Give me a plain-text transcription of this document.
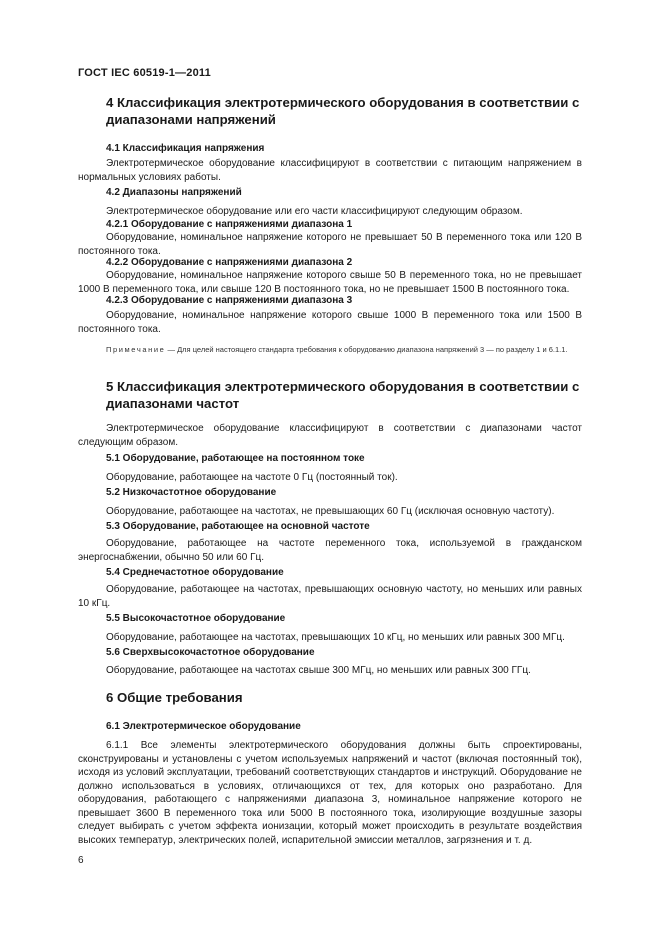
ГОСТ IEC 60519-1—2011
4 Классификация электротермического оборудования в соответствии с диапазонами напряжений
4.1 Классификация напряжения

Электротермическое оборудование классифицируют в соответствии с питающим напряжением в нормальных условиях работы.

4.2 Диапазоны напряжений

Электротермическое оборудование или его части классифицируют следующим образом.

4.2.1 Оборудование с напряжениями диапазона 1

Оборудование, номинальное напряжение которого не превышает 50 В переменного тока или 120 В постоянного тока.

4.2.2 Оборудование с напряжениями диапазона 2

Оборудование, номинальное напряжение которого свыше 50 В переменного тока, но не превышает 1000 В переменного тока, или свыше 120 В постоянного тока, но не превышает 1500 В постоянного тока.

4.2.3 Оборудование с напряжениями диапазона 3

Оборудование, номинальное напряжение которого свыше 1000 В переменного тока или 1500 В постоянного тока.

Примечание — Для целей настоящего стандарта требования к оборудованию диапазона напряжений 3 — по разделу 1 и 6.1.1.

5 Классификация электротермического оборудования в соответствии с диапазонами частот

Электротермическое оборудование классифицируют в соответствии с диапазонами частот следующим образом.

5.1 Оборудование, работающее на постоянном токе

Оборудование, работающее на частоте 0 Гц (постоянный ток).

5.2 Низкочастотное оборудование

Оборудование, работающее на частотах, не превышающих 60 Гц (исключая основную частоту).

5.3 Оборудование, работающее на основной частоте

Оборудование, работающее на частоте переменного тока, используемой в гражданском энергоснабжении, обычно 50 или 60 Гц.

5.4 Среднечастотное оборудование

Оборудование, работающее на частотах, превышающих основную частоту, но меньших или равных 10 кГц.

5.5 Высокочастотное оборудование

Оборудование, работающее на частотах, превышающих 10 кГц, но меньших или равных 300 МГц.

5.6 Сверхвысокочастотное оборудование

Оборудование, работающее на частотах свыше 300 МГц, но меньших или равных 300 ГГц.

6 Общие требования
6.1 Электротермическое оборудование

6.1.1 Все элементы электротермического оборудования должны быть спроектированы, сконструированы и установлены с учетом используемых напряжений и частот (включая постоянный ток), исходя из условий эксплуатации, требований соответствующих стандартов и инструкций. Оборудование не должно использоваться в условиях, отличающихся от тех, для которых оно разработано. Для оборудования, работающего с напряжениями диапазона 3, номинальное напряжение которого не превышает 3600 В переменного тока или 5000 В постоянного тока, изолирующие воздушные зазоры следует выбирать с учетом эффекта ионизации, который может происходить в результате воздействия высоких температур, электрических полей, испарительной эмиссии металлов, загрязнения и т. д.

6
